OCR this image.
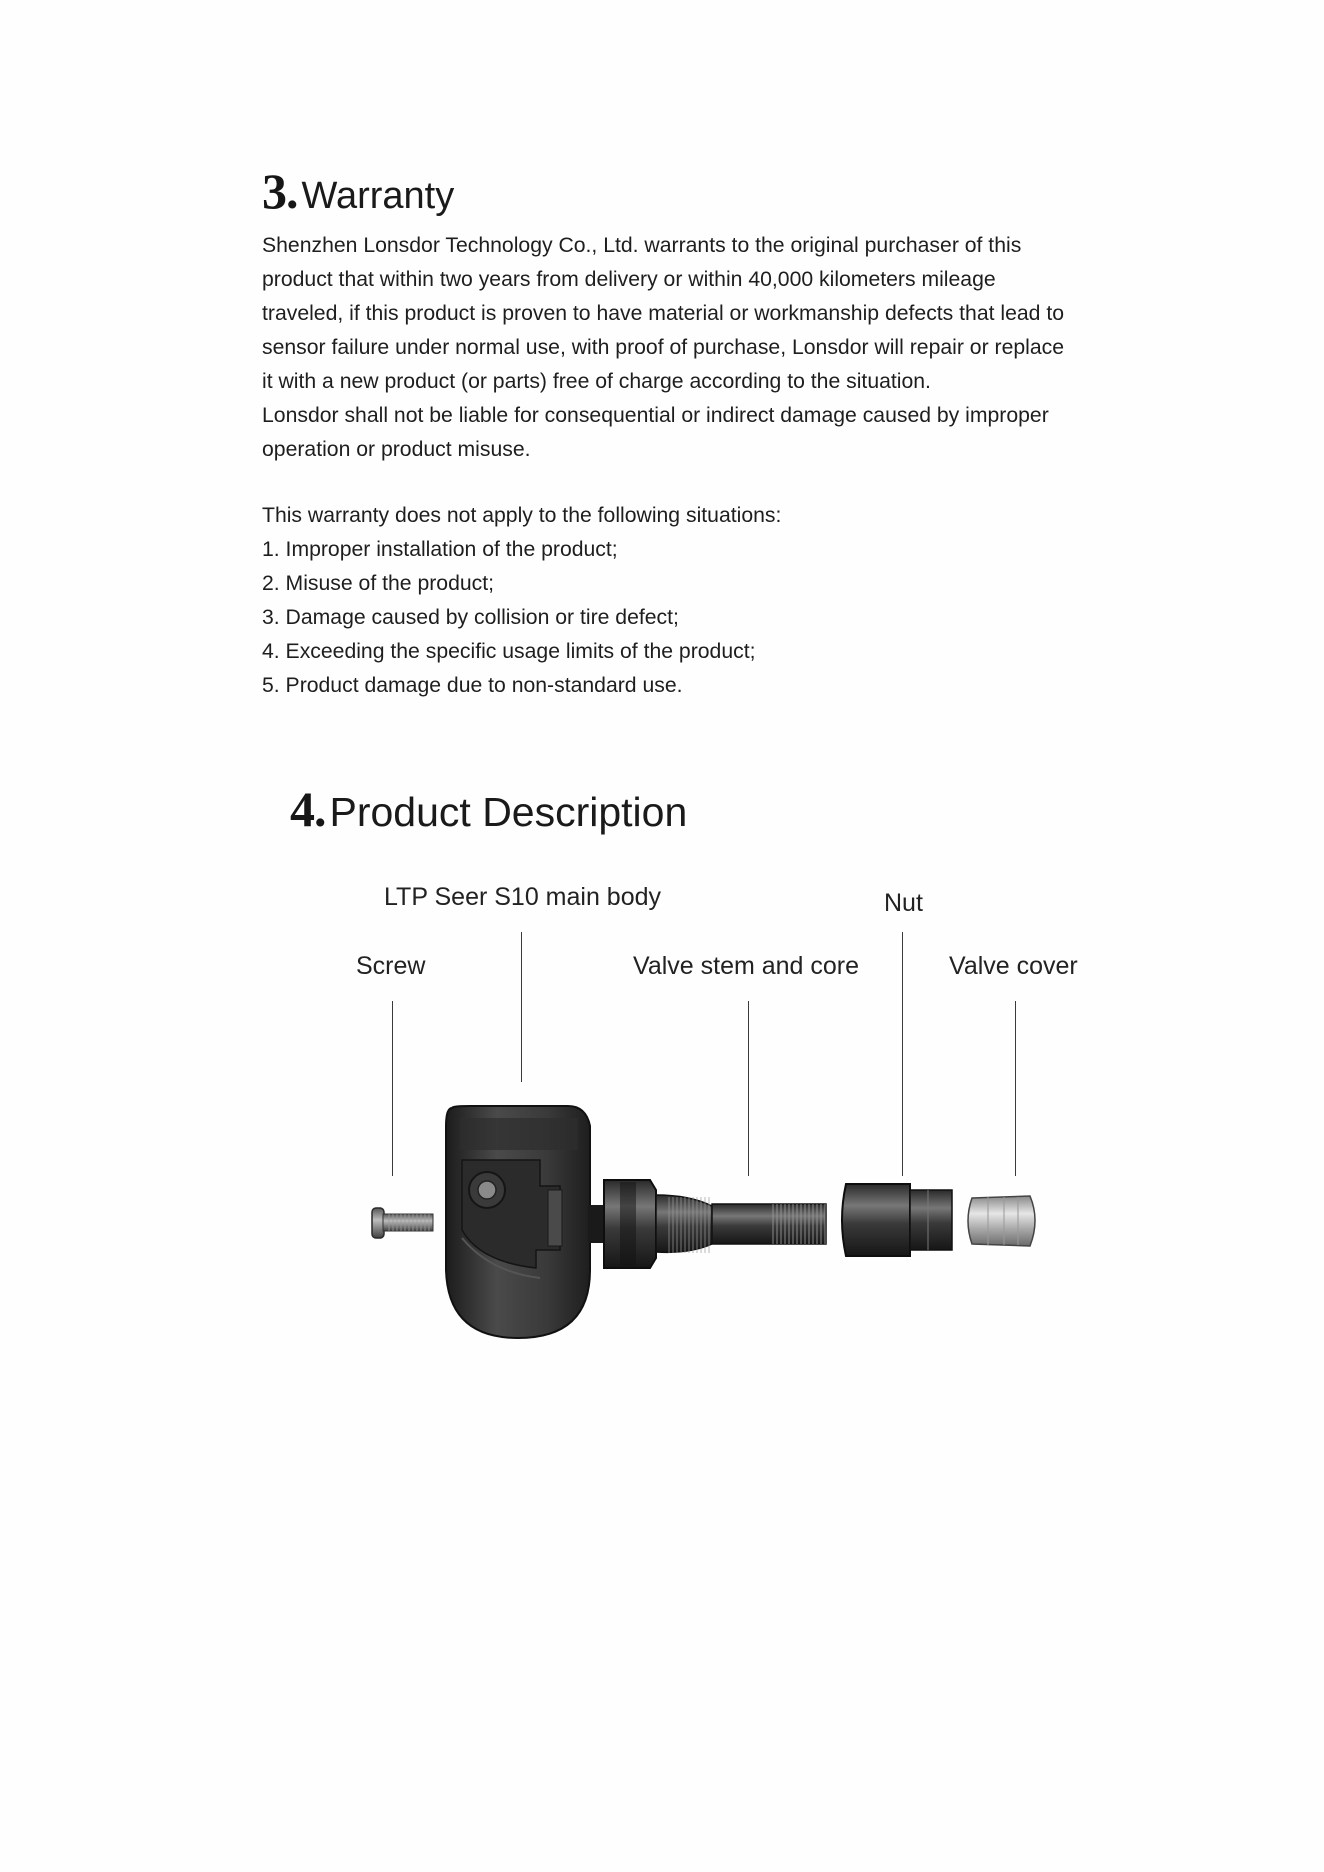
3. Warranty
Shenzhen Lonsdor Technology Co., Ltd. warrants to the original purchaser of this
product that within two years from delivery or within 40,000 kilometers mileage
traveled, if this product is proven to have material or workmanship defects that lead to
sensor failure under normal use, with proof of purchase, Lonsdor will repair or replace
it with a new product (or parts) free of charge according to the situation.
Lonsdor shall not be liable for consequential or indirect damage caused by improper
operation or product misuse.
This warranty does not apply to the following situations:
1. Improper installation of the product;
2. Misuse of the product;
3. Damage caused by collision or tire defect;
4. Exceeding the specific usage limits of the product;
5. Product damage due to non-standard use.
4.Product Description
LTP Seer S10 main body	Nut
Screw	Valve stem and core	Valve cover
